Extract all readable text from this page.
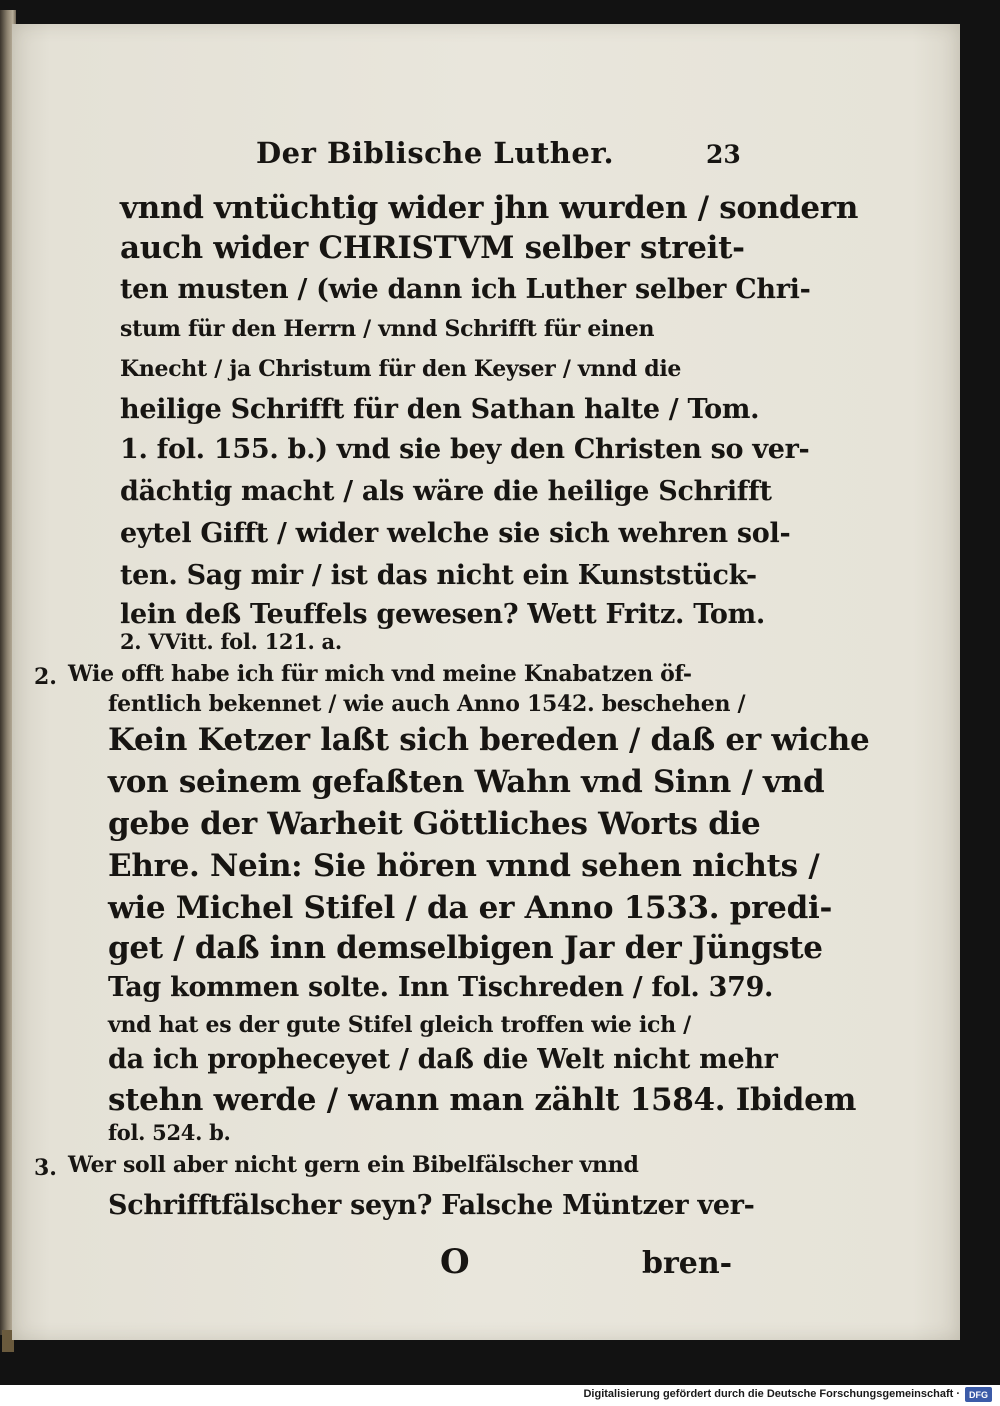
Der Biblische Luther.	23
vnnd vntüchtig wider jhn wurden / sondern
auch wider CHRISTVM selber streit-
ten musten / (wie dann ich Luther selber Chri-
stum für den Herrn / vnnd Schrifft für einen
Knecht / ja Christum für den Keyser / vnnd die
heilige Schrifft für den Sathan halte / Tom.
1. fol. 155. b.) vnd sie bey den Christen so ver-
dächtig macht / als wäre die heilige Schrifft
eytel Gifft / wider welche sie sich wehren sol-
ten. Sag mir / ist das nicht ein Kunststück-
lein deß Teuffels gewesen? Wett Fritz. Tom.
2. VVitt. fol. 121. a.
2. Wie offt habe ich für mich vnd meine Knabatzen öf-
fentlich bekennet / wie auch Anno 1542. beschehen /
Kein Ketzer laßt sich bereden / daß er wiche
von seinem gefaßten Wahn vnd Sinn / vnd
gebe der Warheit Göttliches Worts die
Ehre. Nein: Sie hören vnnd sehen nichts /
wie Michel Stifel / da er Anno 1533. predi-
get / daß inn demselbigen Jar der Jüngste
Tag kommen solte. Inn Tischreden / fol. 379.
vnd hat es der gute Stifel gleich troffen wie ich /
da ich propheceyet / daß die Welt nicht mehr
stehn werde / wann man zählt 1584. Ibidem
fol. 524. b.
3. Wer soll aber nicht gern ein Bibelfälscher vnnd
Schrifftfälscher seyn? Falsche Müntzer ver-
O	bren-
Digitalisierung gefördert durch die Deutsche Forschungsgemeinschaft · DFG
